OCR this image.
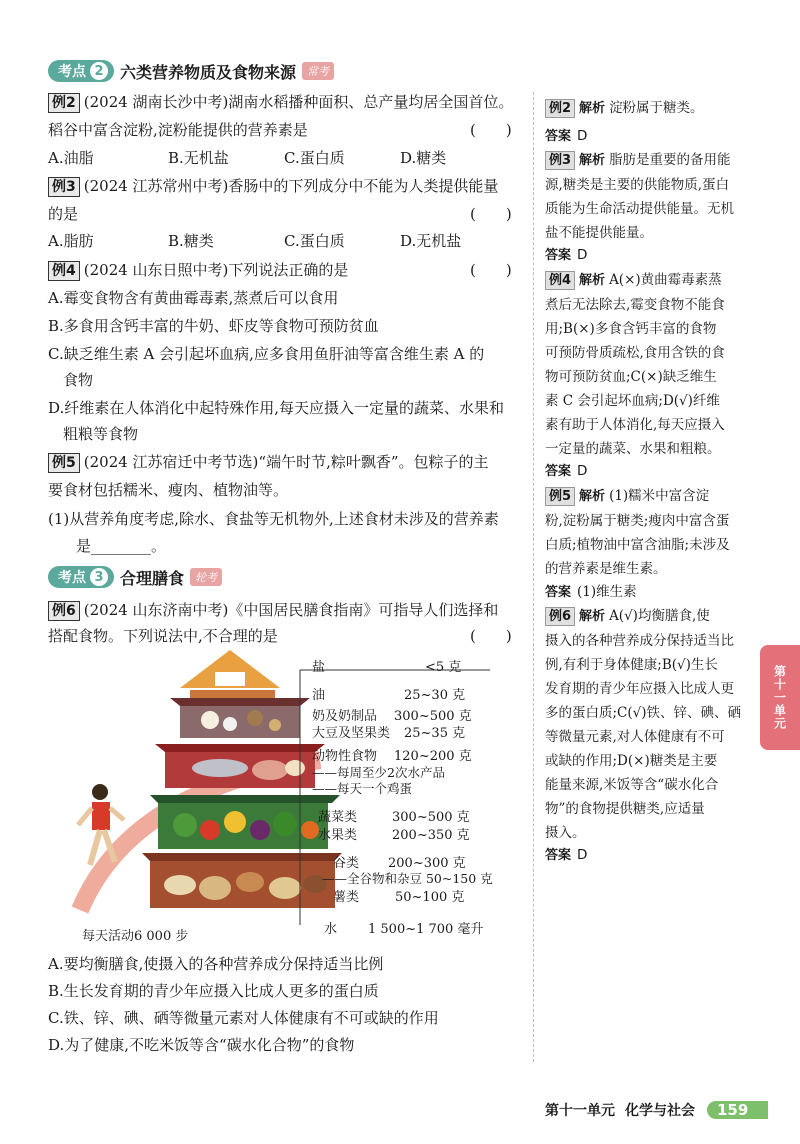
考点 2 六类营养物质及食物来源	常考
例2 (2024 湖南长沙中考)湖南水稻播种面积、总产量均居全国首位。
稻谷中富含淀粉,淀粉能提供的营养素是	(　　)
A.油脂	B.无机盐	C.蛋白质	D.糖类
例3 (2024 江苏常州中考)香肠中的下列成分中不能为人类提供能量
的是	(　　)
A.脂肪	B.糖类	C.蛋白质	D.无机盐
例4 (2024 山东日照中考)下列说法正确的是	(　　)
A.霉变食物含有黄曲霉毒素,蒸煮后可以食用
B.多食用含钙丰富的牛奶、虾皮等食物可预防贫血
C.缺乏维生素 A 会引起坏血病,应多食用鱼肝油等富含维生素 A 的
　食物
D.纤维素在人体消化中起特殊作用,每天应摄入一定量的蔬菜、水果和
　粗粮等食物
例5 (2024 江苏宿迁中考节选)“端午时节,粽叶飘香”。包粽子的主
要食材包括糯米、瘦肉、植物油等。
(1)从营养角度考虑,除水、食盐等无机物外,上述食材未涉及的营养素
是________。
考点 3 合理膳食	轮考
例6 (2024 山东济南中考)《中国居民膳食指南》可指导人们选择和
搭配食物。下列说法中,不合理的是	(　　)
盐	<5 克
油	25~30 克
奶及奶制品 300~500 克
大豆及坚果类 25~35 克
动物性食物 120~200 克
——每周至少2次水产品
——每天一个鸡蛋
蔬菜类	300~500 克
水果类	200~350 克
谷类 200~300 克
——全谷物和杂豆 50~150 克
薯类	50~100 克
水 1 500~1 700 毫升
每天活动6 000 步
A.要均衡膳食,使摄入的各种营养成分保持适当比例
B.生长发育期的青少年应摄入比成人更多的蛋白质
C.铁、锌、碘、硒等微量元素对人体健康有不可或缺的作用
D.为了健康,不吃米饭等含“碳水化合物”的食物
例2 解析 淀粉属于糖类。
答案 D
例3 解析 脂肪是重要的备用能
源,糖类是主要的供能物质,蛋白
质能为生命活动提供能量。无机
盐不能提供能量。
答案 D
例4 解析 A(×)黄曲霉毒素蒸
煮后无法除去,霉变食物不能食
用;B(×)多食含钙丰富的食物
可预防骨质疏松,食用含铁的食
物可预防贫血;C(×)缺乏维生
素 C 会引起坏血病;D(√)纤维
素有助于人体消化,每天应摄入
一定量的蔬菜、水果和粗粮。
答案 D
例5 解析 (1)糯米中富含淀
粉,淀粉属于糖类;瘦肉中富含蛋
白质;植物油中富含油脂;未涉及
的营养素是维生素。
答案 (1)维生素
例6 解析 A(√)均衡膳食,使
摄入的各种营养成分保持适当比
例,有利于身体健康;B(√)生长
发育期的青少年应摄入比成人更
多的蛋白质;C(√)铁、锌、碘、硒
等微量元素,对人体健康有不可
或缺的作用;D(×)糖类是主要
能量来源,米饭等含“碳水化合
物”的食物提供糖类,应适量
摄入。
答案 D
第十一单元
第十一单元 化学与社会	159
